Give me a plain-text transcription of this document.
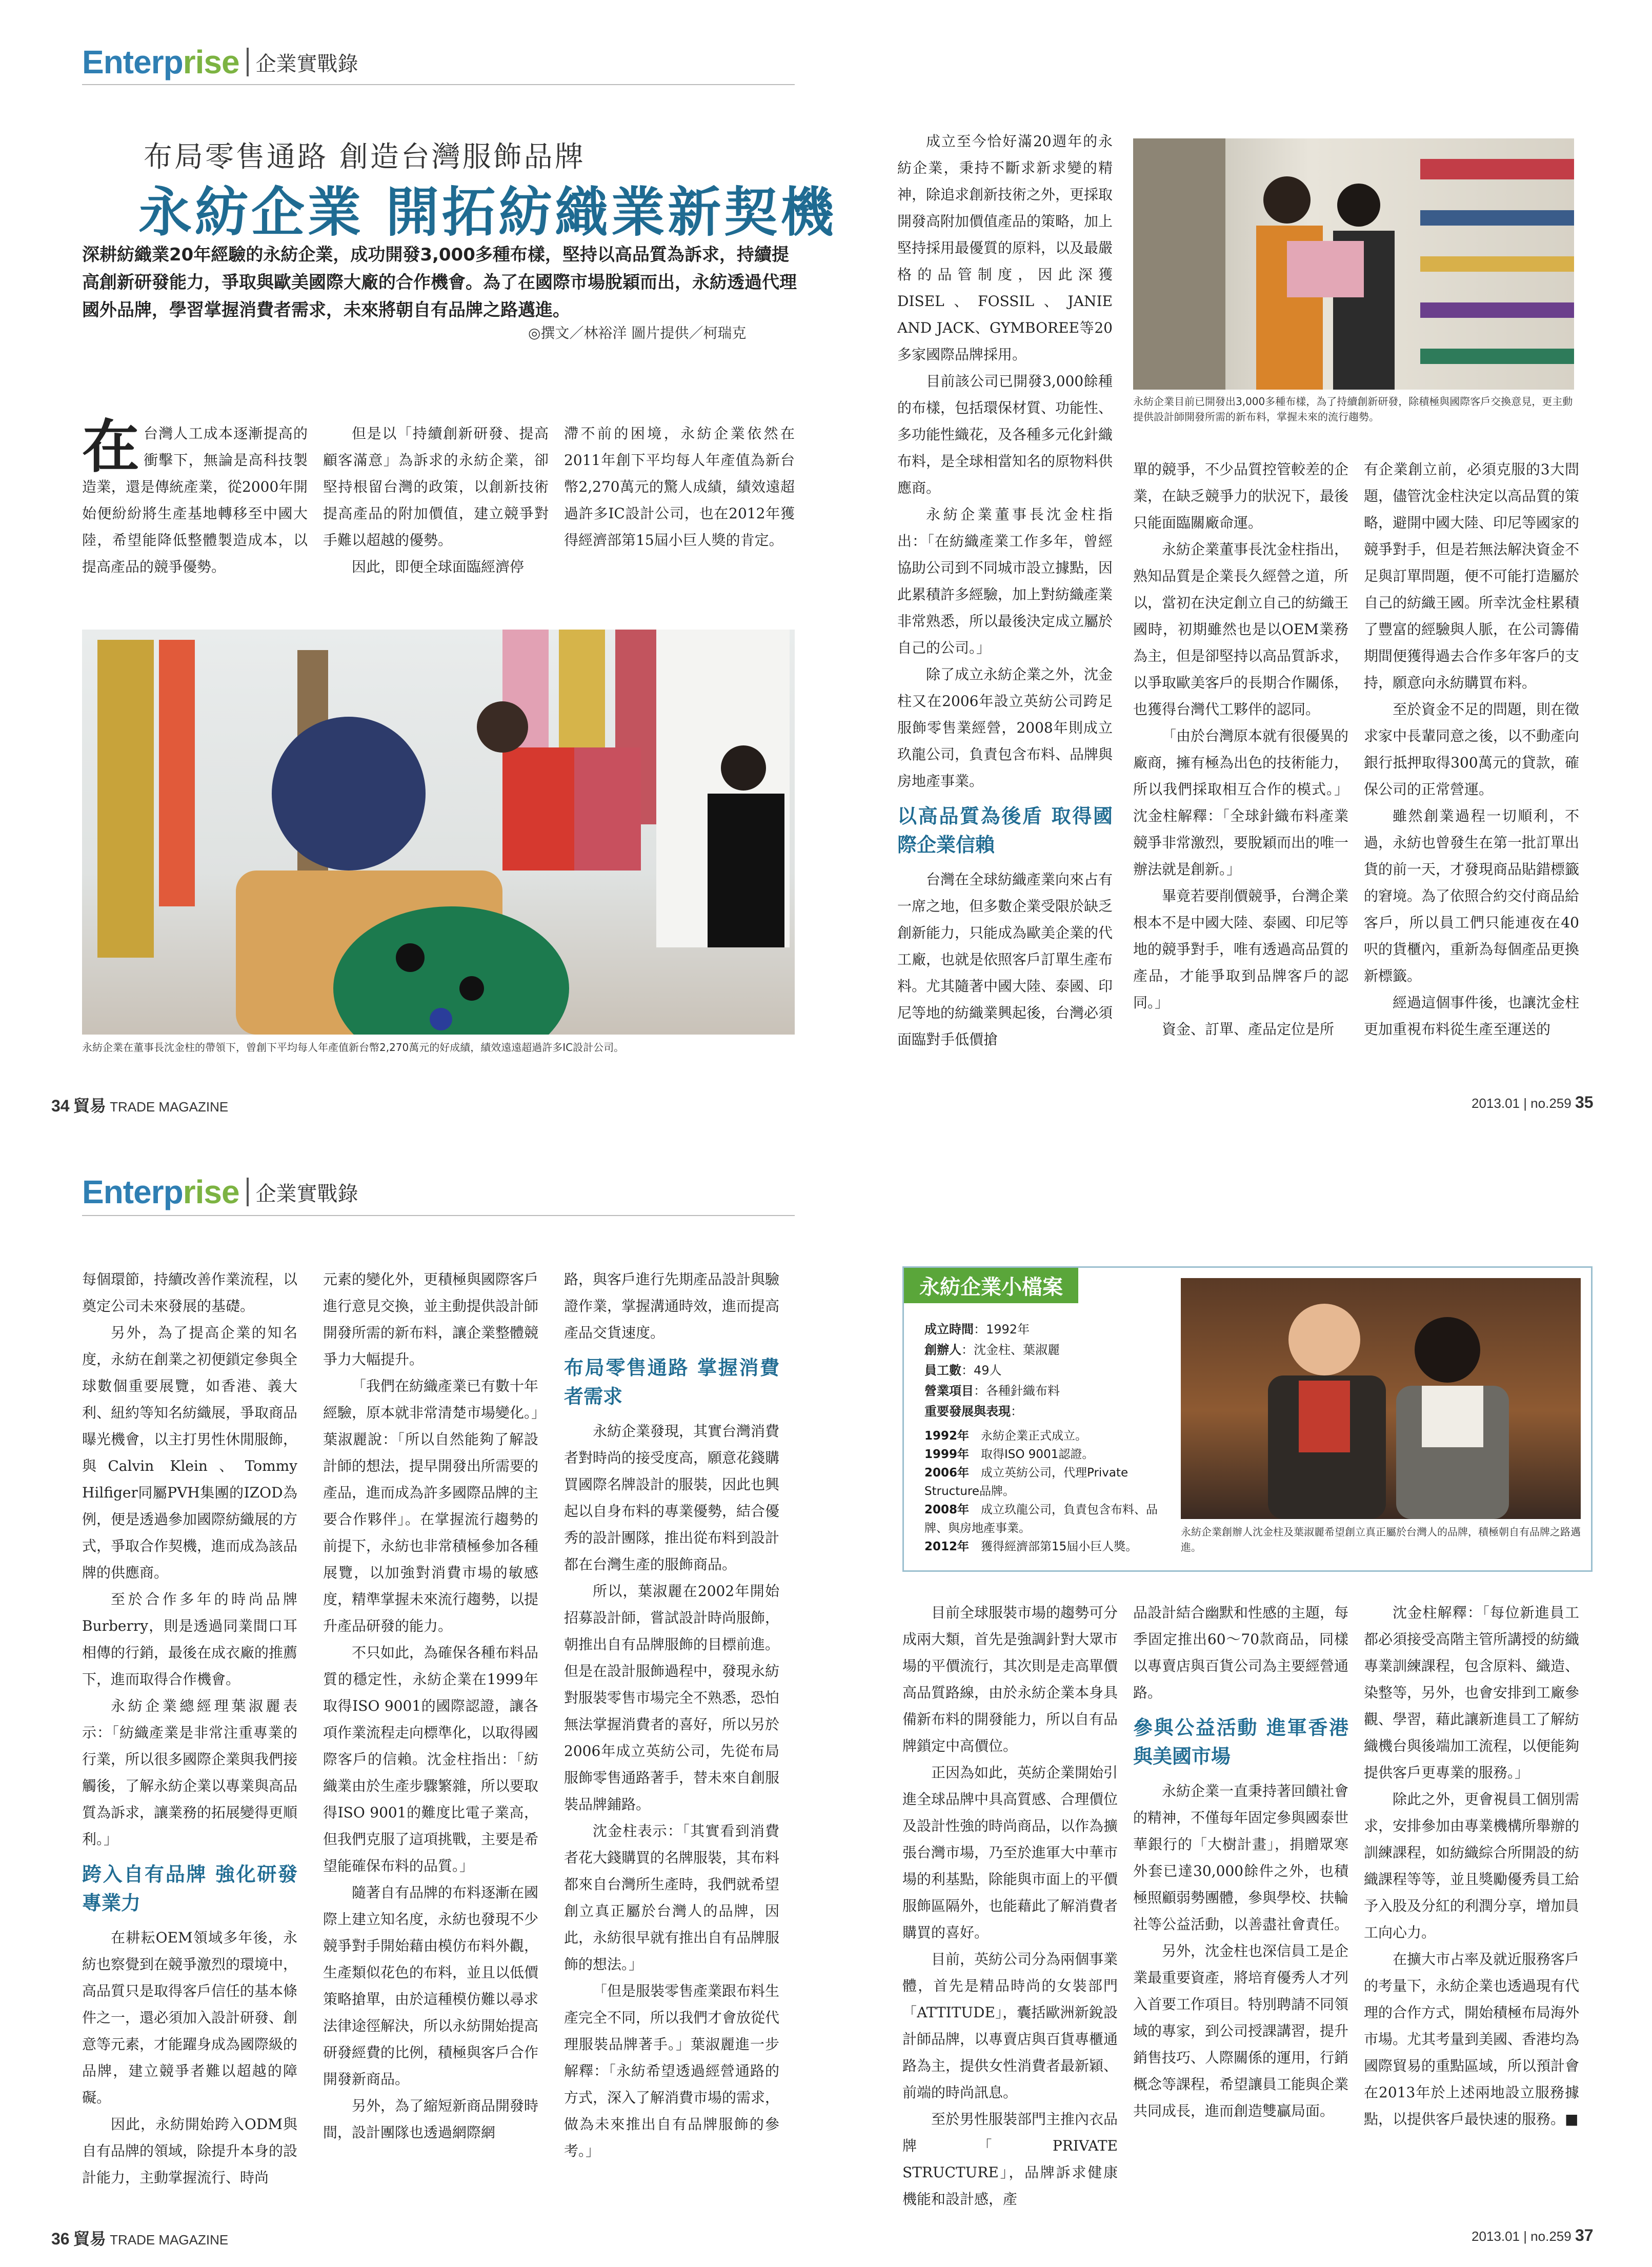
Enterprise 企業實戰錄
布局零售通路 創造台灣服飾品牌
永紡企業 開拓紡織業新契機
深耕紡織業20年經驗的永紡企業，成功開發3,000多種布樣，堅持以高品質為訴求，持續提高創新研發能力，爭取與歐美國際大廠的合作機會。為了在國際市場脫穎而出，永紡透過代理國外品牌，學習掌握消費者需求，未來將朝自有品牌之路邁進。
◎撰文／林裕洋 圖片提供／柯瑞克

在台灣人工成本逐漸提高的衝擊下，無論是高科技製造業，還是傳統產業，從2000年開始便紛紛將生產基地轉移至中國大陸，希望能降低整體製造成本，以提高產品的競爭優勢。

但是以「持續創新研發、提高顧客滿意」為訴求的永紡企業，卻堅持根留台灣的政策，以創新技術提高產品的附加價值，建立競爭對手難以超越的優勢。

因此，即便全球面臨經濟停

滯不前的困境，永紡企業依然在2011年創下平均每人年產值為新台幣2,270萬元的驚人成績，績效遠超過許多IC設計公司，也在2012年獲得經濟部第15屆小巨人獎的肯定。

永紡企業在董事長沈金柱的帶領下，曾創下平均每人年產值新台幣2,270萬元的好成績，績效遠遠超過許多IC設計公司。

成立至今恰好滿20週年的永紡企業，秉持不斷求新求變的精神，除追求創新技術之外，更採取開發高附加價值產品的策略，加上堅持採用最優質的原料，以及最嚴格的品管制度，因此深獲DISEL、FOSSIL、JANIE AND JACK、GYMBOREE等20多家國際品牌採用。

目前該公司已開發3,000餘種的布樣，包括環保材質、功能性、多功能性織花，及各種多元化針織布料，是全球相當知名的原物料供應商。

永紡企業董事長沈金柱指出：「在紡織產業工作多年，曾經協助公司到不同城市設立據點，因此累積許多經驗，加上對紡織產業非常熟悉，所以最後決定成立屬於自己的公司。」

除了成立永紡企業之外，沈金柱又在2006年設立英紡公司跨足服飾零售業經營，2008年則成立玖龍公司，負責包含布料、品牌與房地產事業。

以高品質為後盾 取得國際企業信賴

台灣在全球紡織產業向來占有一席之地，但多數企業受限於缺乏創新能力，只能成為歐美企業的代工廠，也就是依照客戶訂單生產布料。尤其隨著中國大陸、泰國、印尼等地的紡織業興起後，台灣必須面臨對手低價搶

永紡企業目前已開發出3,000多種布樣，為了持續創新研發，除積極與國際客戶交換意見，更主動提供設計師開發所需的新布料，掌握未來的流行趨勢。

單的競爭，不少品質控管較差的企業，在缺乏競爭力的狀況下，最後只能面臨關廠命運。

永紡企業董事長沈金柱指出，熟知品質是企業長久經營之道，所以，當初在決定創立自己的紡織王國時，初期雖然也是以OEM業務為主，但是卻堅持以高品質訴求，以爭取歐美客戶的長期合作關係，也獲得台灣代工夥伴的認同。

「由於台灣原本就有很優異的廠商，擁有極為出色的技術能力，所以我們採取相互合作的模式。」沈金柱解釋：「全球針織布料產業競爭非常激烈，要脫穎而出的唯一辦法就是創新。」

畢竟若要削價競爭，台灣企業根本不是中國大陸、泰國、印尼等地的競爭對手，唯有透過高品質的產品，才能爭取到品牌客戶的認同。」

資金、訂單、產品定位是所

有企業創立前，必須克服的3大問題，儘管沈金柱決定以高品質的策略，避開中國大陸、印尼等國家的競爭對手，但是若無法解決資金不足與訂單問題，便不可能打造屬於自己的紡織王國。所幸沈金柱累積了豐富的經驗與人脈，在公司籌備期間便獲得過去合作多年客戶的支持，願意向永紡購買布料。

至於資金不足的問題，則在徵求家中長輩同意之後，以不動產向銀行抵押取得300萬元的貸款，確保公司的正常營運。

雖然創業過程一切順利，不過，永紡也曾發生在第一批訂單出貨的前一天，才發現商品貼錯標籤的窘境。為了依照合約交付商品給客戶，所以員工們只能連夜在40呎的貨櫃內，重新為每個產品更換新標籤。

經過這個事件後，也讓沈金柱更加重視布料從生產至運送的

34 貿易 TRADE MAGAZINE	2013.01 | no.259 35
Enterprise 企業實戰錄

每個環節，持續改善作業流程，以奠定公司未來發展的基礎。

另外，為了提高企業的知名度，永紡在創業之初便鎖定參與全球數個重要展覽，如香港、義大利、紐約等知名紡織展，爭取商品曝光機會，以主打男性休閒服飾，與Calvin Klein、Tommy Hilfiger同屬PVH集團的IZOD為例，便是透過參加國際紡織展的方式，爭取合作契機，進而成為該品牌的供應商。

至於合作多年的時尚品牌Burberry，則是透過同業間口耳相傳的行銷，最後在成衣廠的推薦下，進而取得合作機會。

永紡企業總經理葉淑麗表示：「紡織產業是非常注重專業的行業，所以很多國際企業與我們接觸後，了解永紡企業以專業與高品質為訴求，讓業務的拓展變得更順利。」

跨入自有品牌 強化研發專業力

在耕耘OEM領域多年後，永紡也察覺到在競爭激烈的環境中，高品質只是取得客戶信任的基本條件之一，還必須加入設計研發、創意等元素，才能躍身成為國際級的品牌，建立競爭者難以超越的障礙。

因此，永紡開始跨入ODM與自有品牌的領域，除提升本身的設計能力，主動掌握流行、時尚

元素的變化外，更積極與國際客戶進行意見交換，並主動提供設計師開發所需的新布料，讓企業整體競爭力大幅提升。

「我們在紡織產業已有數十年經驗，原本就非常清楚市場變化。」葉淑麗說：「所以自然能夠了解設計師的想法，提早開發出所需要的產品，進而成為許多國際品牌的主要合作夥伴」。在掌握流行趨勢的前提下，永紡也非常積極參加各種展覽，以加強對消費市場的敏感度，精準掌握未來流行趨勢，以提升產品研發的能力。

不只如此，為確保各種布料品質的穩定性，永紡企業在1999年取得ISO 9001的國際認證，讓各項作業流程走向標準化，以取得國際客戶的信賴。沈金柱指出：「紡織業由於生產步驟繁雜，所以要取得ISO 9001的難度比電子業高，但我們克服了這項挑戰，主要是希望能確保布料的品質。」

隨著自有品牌的布料逐漸在國際上建立知名度，永紡也發現不少競爭對手開始藉由模仿布料外觀，生產類似花色的布料，並且以低價策略搶單，由於這種模仿難以尋求法律途徑解決，所以永紡開始提高研發經費的比例，積極與客戶合作開發新商品。

另外，為了縮短新商品開發時間，設計團隊也透過網際網

路，與客戶進行先期產品設計與驗證作業，掌握溝通時效，進而提高產品交貨速度。

布局零售通路 掌握消費者需求

永紡企業發現，其實台灣消費者對時尚的接受度高，願意花錢購買國際名牌設計的服裝，因此也興起以自身布料的專業優勢，結合優秀的設計團隊，推出從布料到設計都在台灣生產的服飾商品。

所以，葉淑麗在2002年開始招募設計師，嘗試設計時尚服飾，朝推出自有品牌服飾的目標前進。但是在設計服飾過程中，發現永紡對服裝零售市場完全不熟悉，恐怕無法掌握消費者的喜好，所以另於2006年成立英紡公司，先從布局服飾零售通路著手，替未來自創服裝品牌鋪路。

沈金柱表示：「其實看到消費者花大錢購買的名牌服裝，其布料都來自台灣所生產時，我們就希望創立真正屬於台灣人的品牌，因此，永紡很早就有推出自有品牌服飾的想法。」

「但是服裝零售產業跟布料生產完全不同，所以我們才會放從代理服裝品牌著手。」葉淑麗進一步解釋：「永紡希望透過經營通路的方式，深入了解消費市場的需求，做為未來推出自有品牌服飾的參考。」

永紡企業小檔案
成立時間：1992年
創辦人：沈金柱、葉淑麗
員工數：49人
營業項目：各種針織布料
重要發展與表現：
1992年 永紡企業正式成立。
1999年 取得ISO 9001認證。
2006年 成立英紡公司，代理Private Structure品牌。
2008年 成立玖龍公司，負責包含布料、品牌、與房地產事業。
2012年 獲得經濟部第15屆小巨人獎。
永紡企業創辦人沈金柱及葉淑麗希望創立真正屬於台灣人的品牌，積極朝自有品牌之路邁進。

目前全球服裝市場的趨勢可分成兩大類，首先是強調針對大眾市場的平價流行，其次則是走高單價高品質路線，由於永紡企業本身具備新布料的開發能力，所以自有品牌鎖定中高價位。

正因為如此，英紡企業開始引進全球品牌中具高質感、合理價位及設計性強的時尚商品，以作為擴張台灣市場，乃至於進軍大中華市場的利基點，除能與市面上的平價服飾區隔外，也能藉此了解消費者購買的喜好。

目前，英紡公司分為兩個事業體，首先是精品時尚的女裝部門「ATTITUDE」，囊括歐洲新銳設計師品牌，以專賣店與百貨專櫃通路為主，提供女性消費者最新穎、前端的時尚訊息。

至於男性服裝部門主推內衣品牌「PRIVATE STRUCTURE」，品牌訴求健康機能和設計感，產

品設計結合幽默和性感的主題，每季固定推出60～70款商品，同樣以專賣店與百貨公司為主要經營通路。

參與公益活動 進軍香港與美國市場

永紡企業一直秉持著回饋社會的精神，不僅每年固定參與國泰世華銀行的「大樹計畫」，捐贈眾寒外套已達30,000餘件之外，也積極照顧弱勢團體，參與學校、扶輪社等公益活動，以善盡社會責任。

另外，沈金柱也深信員工是企業最重要資產，將培育優秀人才列入首要工作項目。特別聘請不同領域的專家，到公司授課講習，提升銷售技巧、人際關係的運用，行銷概念等課程，希望讓員工能與企業共同成長，進而創造雙贏局面。

沈金柱解釋：「每位新進員工都必須接受高階主管所講授的紡織專業訓練課程，包含原料、織造、染整等，另外，也會安排到工廠參觀、學習，藉此讓新進員工了解紡織機台與後端加工流程，以便能夠提供客戶更專業的服務。」

除此之外，更會視員工個別需求，安排參加由專業機構所舉辦的訓練課程，如紡織綜合所開設的紡織課程等等，並且獎勵優秀員工給予入股及分紅的利潤分享，增加員工向心力。

在擴大市占率及就近服務客戶的考量下，永紡企業也透過現有代理的合作方式，開始積極布局海外市場。尤其考量到美國、香港均為國際貿易的重點區域，所以預計會在2013年於上述兩地設立服務據點，以提供客戶最快速的服務。■

36 貿易 TRADE MAGAZINE	2013.01 | no.259 37
